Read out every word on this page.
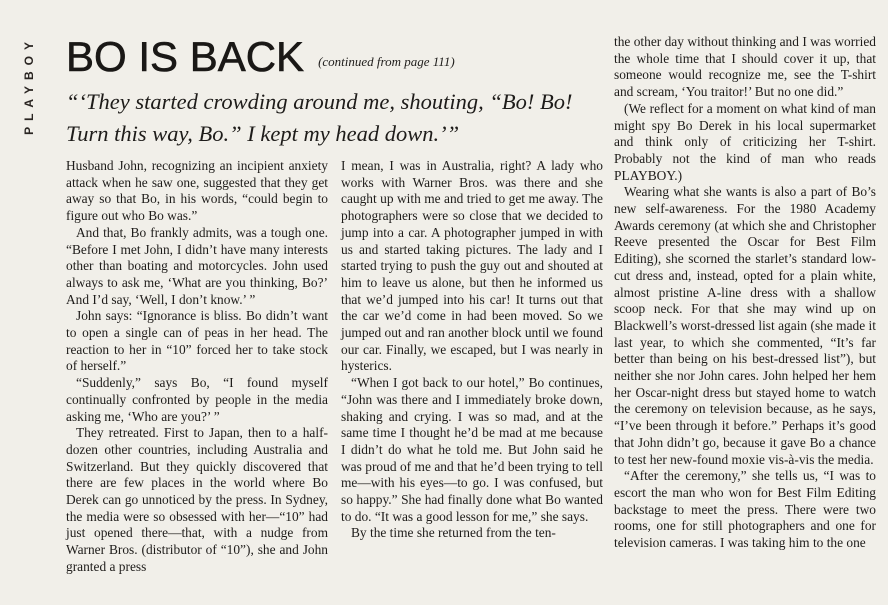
PLAYBOY BO IS BACK (continued from page 111)
“‘They started crowding around me, shouting, “Bo! Bo! Turn this way, Bo.” I kept my head down.’”

Husband John, recognizing an incipient anxiety attack when he saw one, suggested that they get away so that Bo, in his words, “could begin to figure out who Bo was.”

And that, Bo frankly admits, was a tough one. “Before I met John, I didn’t have many interests other than boating and motorcycles. John used always to ask me, ‘What are you thinking, Bo?’ And I’d say, ‘Well, I don’t know.’ ”

John says: “Ignorance is bliss. Bo didn’t want to open a single can of peas in her head. The reaction to her in “10” forced her to take stock of herself.”

“Suddenly,” says Bo, “I found myself continually confronted by people in the media asking me, ‘Who are you?’ ”

They retreated. First to Japan, then to a half-dozen other countries, including Australia and Switzerland. But they quickly discovered that there are few places in the world where Bo Derek can go unnoticed by the press. In Sydney, the media were so obsessed with her—“10” had just opened there—that, with a nudge from Warner Bros. (distributor of “10”), she and John granted a press

I mean, I was in Australia, right? A lady who works with Warner Bros. was there and she caught up with me and tried to get me away. The photographers were so close that we decided to jump into a car. A photographer jumped in with us and started taking pictures. The lady and I started trying to push the guy out and shouted at him to leave us alone, but then he informed us that we’d jumped into his car! It turns out that the car we’d come in had been moved. So we jumped out and ran another block until we found our car. Finally, we escaped, but I was nearly in hysterics.

“When I got back to our hotel,” Bo continues, “John was there and I immediately broke down, shaking and crying. I was so mad, and at the same time I thought he’d be mad at me because I didn’t do what he told me. But John said he was proud of me and that he’d been trying to tell me—with his eyes—to go. I was confused, but so happy.” She had finally done what Bo wanted to do. “It was a good lesson for me,” she says.

By the time she returned from the ten-

the other day without thinking and I was worried the whole time that I should cover it up, that someone would recognize me, see the T-shirt and scream, ‘You traitor!’ But no one did.”

(We reflect for a moment on what kind of man might spy Bo Derek in his local supermarket and think only of criticizing her T-shirt. Probably not the kind of man who reads PLAYBOY.)

Wearing what she wants is also a part of Bo’s new self-awareness. For the 1980 Academy Awards ceremony (at which she and Christopher Reeve presented the Oscar for Best Film Editing), she scorned the starlet’s standard low-cut dress and, instead, opted for a plain white, almost pristine A-line dress with a shallow scoop neck. For that she may wind up on Blackwell’s worst-dressed list again (she made it last year, to which she commented, “It’s far better than being on his best-dressed list”), but neither she nor John cares. John helped her hem her Oscar-night dress but stayed home to watch the ceremony on television because, as he says, “I’ve been through it before.” Perhaps it’s good that John didn’t go, because it gave Bo a chance to test her new-found moxie vis-à-vis the media.

“After the ceremony,” she tells us, “I was to escort the man who won for Best Film Editing backstage to meet the press. There were two rooms, one for still photographers and one for television cameras. I was taking him to the one
